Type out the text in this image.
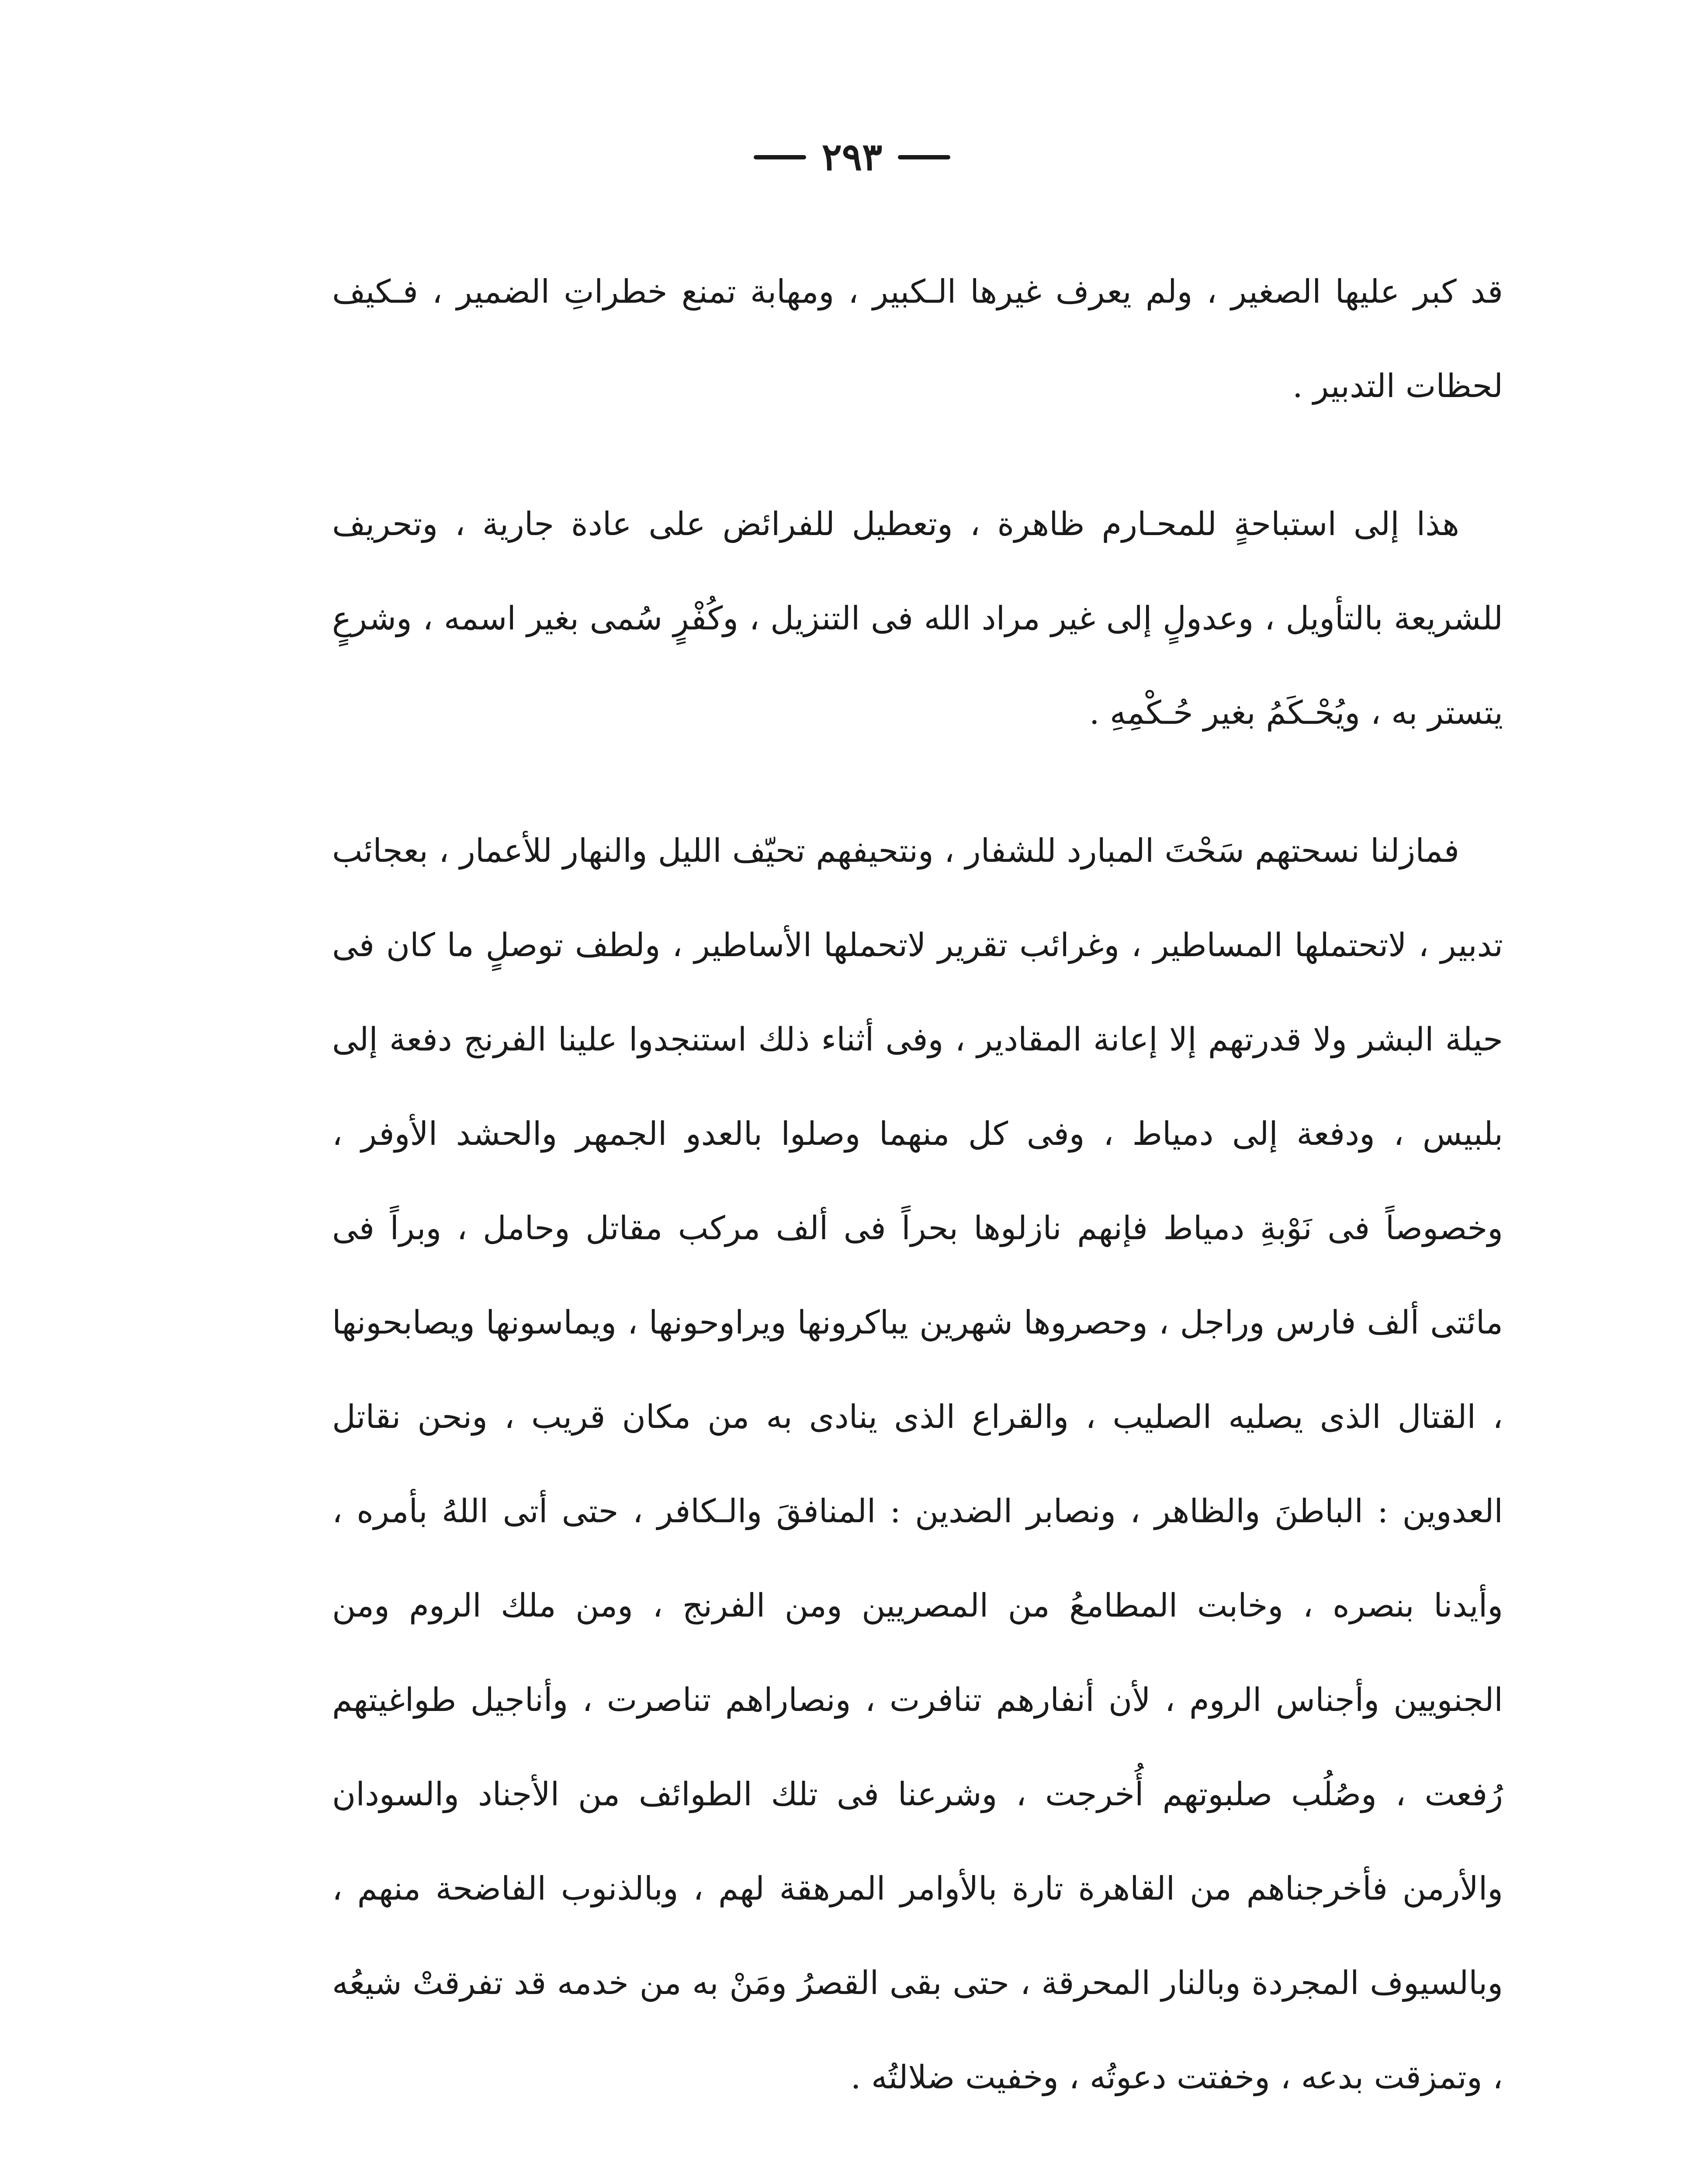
٢٩٣

قد كبر عليها الصغير ، ولم يعرف غيرها الـكبير ، ومهابة تمنع خطراتِ الضمير ، فـكيف لحظات التدبير .

هذا إلى استباحةٍ للمحـارم ظاهرة ، وتعطيل للفرائض على عادة جارية ، وتحريف للشريعة بالتأويل ، وعدولٍ إلى غير مراد الله فى التنزيل ، وكُفْرٍ سُمى بغير اسمه ، وشرعٍ يتستر به ، ويُحْـكَمُ بغير حُـكْمِهِ .

فمازلنا نسحتهم سَحْتَ المبارد للشفار ، ونتحيفهم تحيّف الليل والنهار للأعمار ، بعجائب تدبير ، لاتحتملها المساطير ، وغرائب تقرير لاتحملها الأساطير ، ولطف توصلٍ ما كان فى حيلة البشر ولا قدرتهم إلا إعانة المقادير ، وفى أثناء ذلك استنجدوا علينا الفرنج دفعة إلى بلبيس ، ودفعة إلى دمياط ، وفى كل منهما وصلوا بالعدو الجمهر والحشد الأوفر ، وخصوصاً فى نَوْبةِ دمياط فإنهم نازلوها بحراً فى ألف مركب مقاتل وحامل ، وبراً فى مائتى ألف فارس وراجل ، وحصروها شهرين يباكرونها ويراوحونها ، ويماسونها ويصابحونها ، القتال الذى يصليه الصليب ، والقراع الذى ينادى به من مكان قريب ، ونحن نقاتل العدوين : الباطنَ والظاهر ، ونصابر الضدين : المنافقَ والـكافر ، حتى أتى اللهُ بأمره ، وأيدنا بنصره ، وخابت المطامعُ من المصريين ومن الفرنج ، ومن ملك الروم ومن الجنويين وأجناس الروم ، لأن أنفارهم تنافرت ، ونصاراهم تناصرت ، وأناجيل طواغيتهم رُفعت ، وصُلُب صلبوتهم أُخرجت ، وشرعنا فى تلك الطوائف من الأجناد والسودان والأرمن فأخرجناهم من القاهرة تارة بالأوامر المرهقة لهم ، وبالذنوب الفاضحة منهم ، وبالسيوف المجردة وبالنار المحرقة ، حتى بقى القصرُ ومَنْ به من خدمه قد تفرقتْ شيعُه ، وتمزقت بدعه ، وخفتت دعوتُه ، وخفيت ضلالتُه .
